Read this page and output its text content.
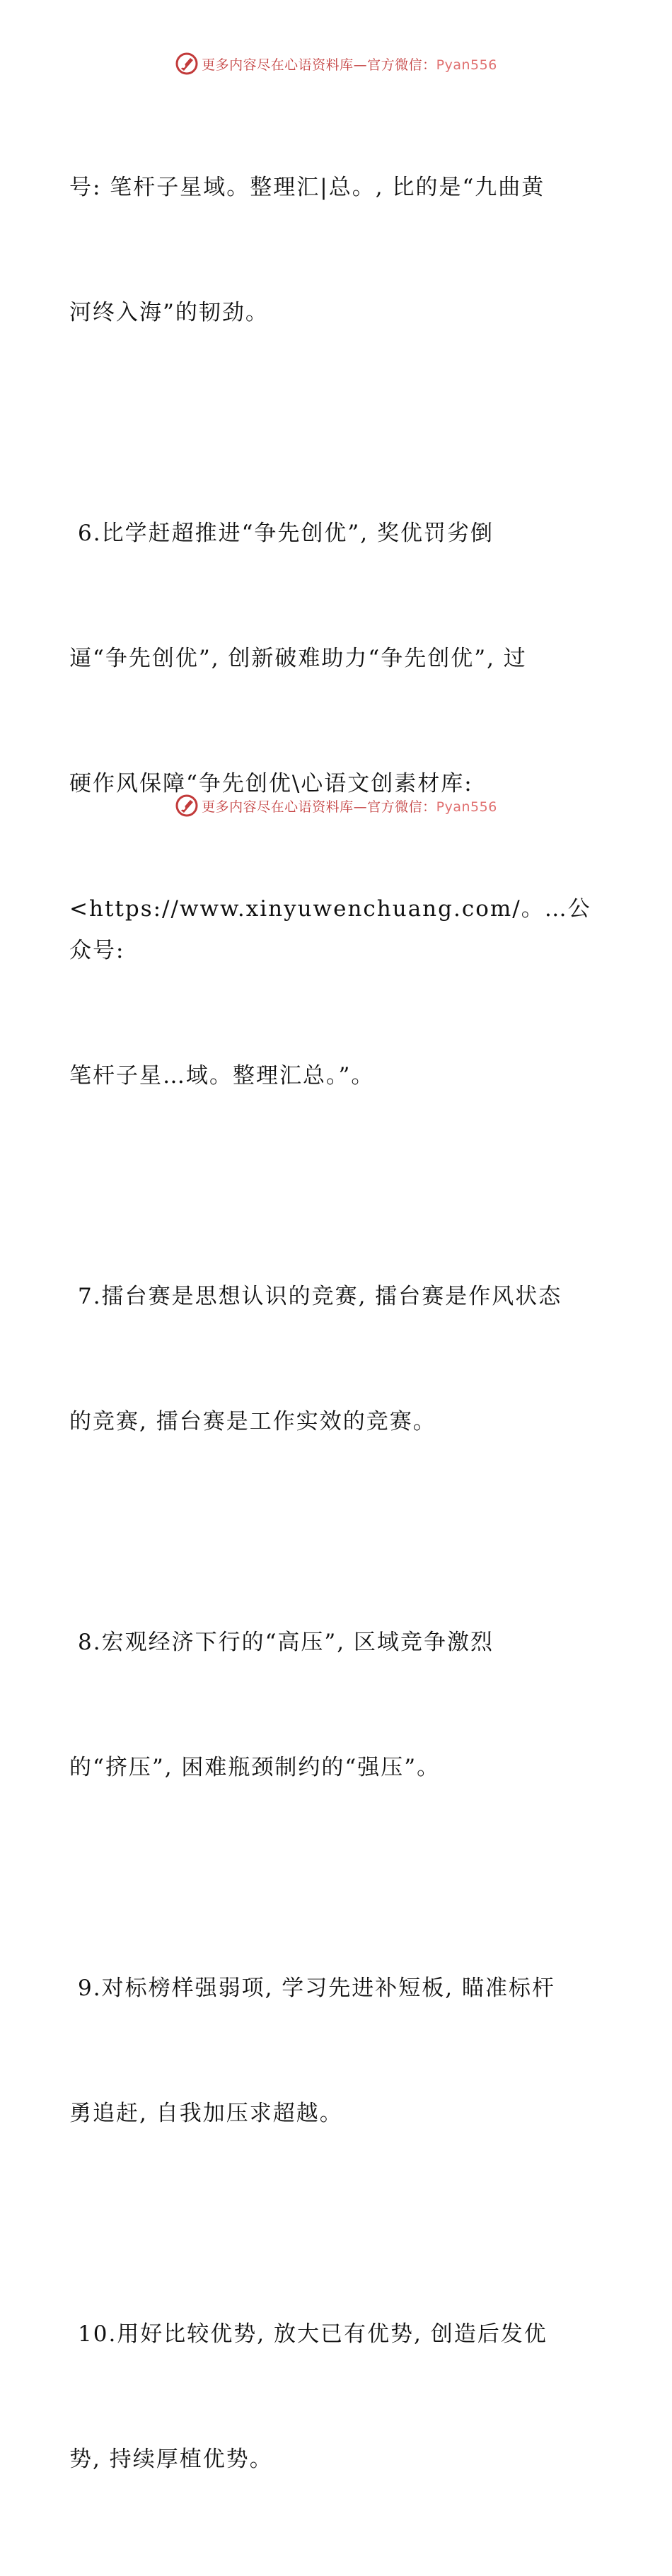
更多内容尽在心语资料库—官方微信：Pyan556

号: 笔杆子星域。整理汇|总。, 比的是“九曲黄

河终入海”的韧劲。

6.比学赶超推进“争先创优”, 奖优罚劣倒

逼“争先创优”, 创新破难助力“争先创优”, 过

硬作风保障“争先创优\心语文创素材库:

<https://www.xinyuwenchuang.com/。…公众号:

笔杆子星…域。整理汇总。”。

7.擂台赛是思想认识的竞赛, 擂台赛是作风状态

的竞赛, 擂台赛是工作实效的竞赛。

8.宏观经济下行的“高压”, 区域竞争激烈

的“挤压”, 困难瓶颈制约的“强压”。

9.对标榜样强弱项, 学习先进补短板, 瞄准标杆

勇追赶, 自我加压求超越。

10.用好比较优势, 放大已有优势, 创造后发优

势, 持续厚植优势。

更多内容尽在心语资料库—官方微信：Pyan556
